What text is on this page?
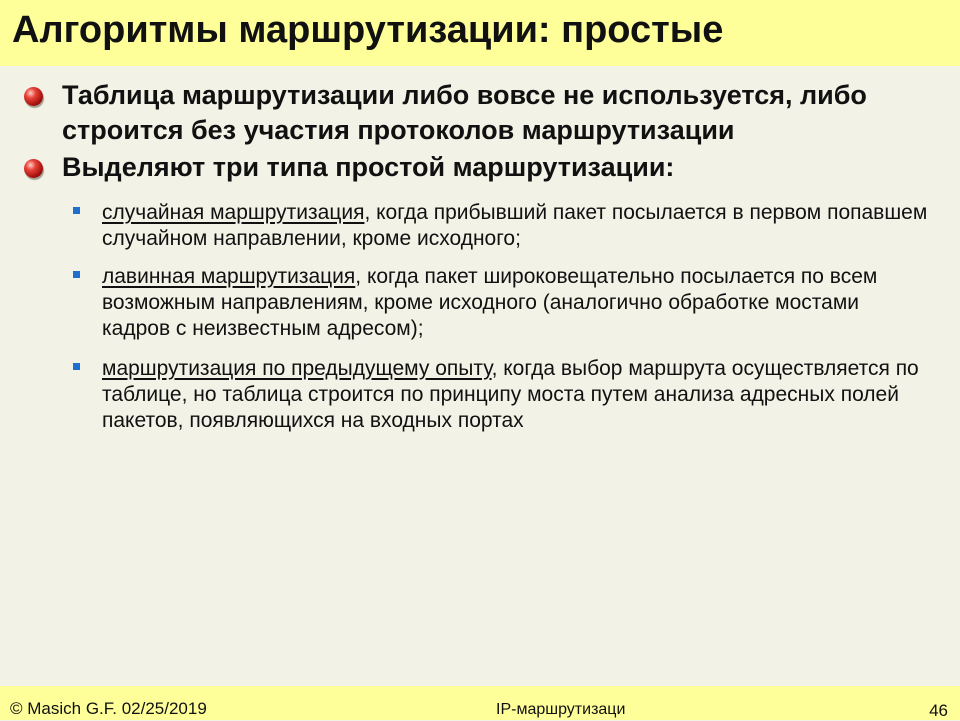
Алгоритмы маршрутизации: простые
Таблица маршрутизации либо вовсе не используется, либо строится без участия протоколов маршрутизации
Выделяют три типа простой маршрутизации:
случайная маршрутизация, когда прибывший пакет посылается в первом попавшем случайном направлении, кроме исходного;
лавинная маршрутизация, когда пакет широковещательно посылается по всем возможным направлениям, кроме исходного (аналогично обработке мостами кадров с неизвестным адресом);
маршрутизация по предыдущему опыту, когда выбор маршрута осуществляется по таблице, но таблица строится по принципу моста путем анализа адресных полей пакетов, появляющихся на входных портах
© Masich G.F. 02/25/2019	IP-маршрутизаци	46
